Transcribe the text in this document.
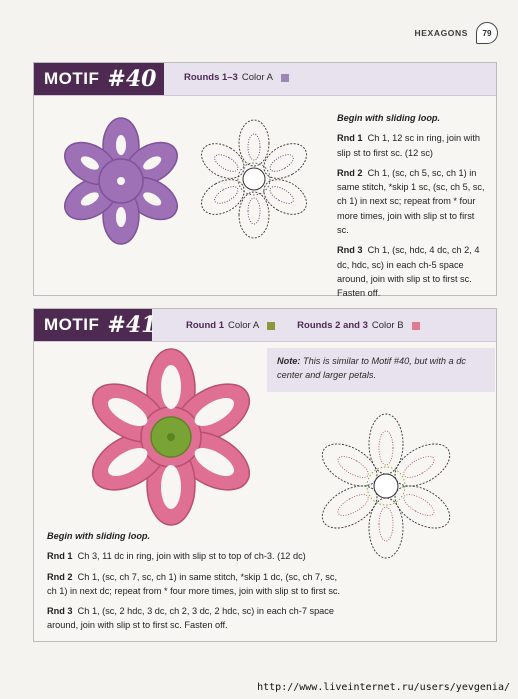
HEXAGONS	79
MOTIF #40	Rounds 1–3 Color A
Begin with sliding loop.
Rnd 1 Ch 1, 12 sc in ring, join with slip st to first sc. (12 sc)
Rnd 2 Ch 1, (sc, ch 5, sc, ch 1) in same stitch, *skip 1 sc, (sc, ch 5, sc, ch 1) in next sc; repeat from * four more times, join with slip st to first sc.
Rnd 3 Ch 1, (sc, hdc, 4 dc, ch 2, 4 dc, hdc, sc) in each ch-5 space around, join with slip st to first sc. Fasten off.
MOTIF #41	Round 1 Color A	Rounds 2 and 3 Color B
Note: This is similar to Motif #40, but with a dc center and larger petals.
Begin with sliding loop.
Rnd 1 Ch 3, 11 dc in ring, join with slip st to top of ch-3. (12 dc)
Rnd 2 Ch 1, (sc, ch 7, sc, ch 1) in same stitch, *skip 1 dc, (sc, ch 7, sc, ch 1) in next dc; repeat from * four more times, join with slip st to first sc.
Rnd 3 Ch 1, (sc, 2 hdc, 3 dc, ch 2, 3 dc, 2 hdc, sc) in each ch-7 space around, join with slip st to first sc. Fasten off.
http://www.liveinternet.ru/users/yevgenia/
